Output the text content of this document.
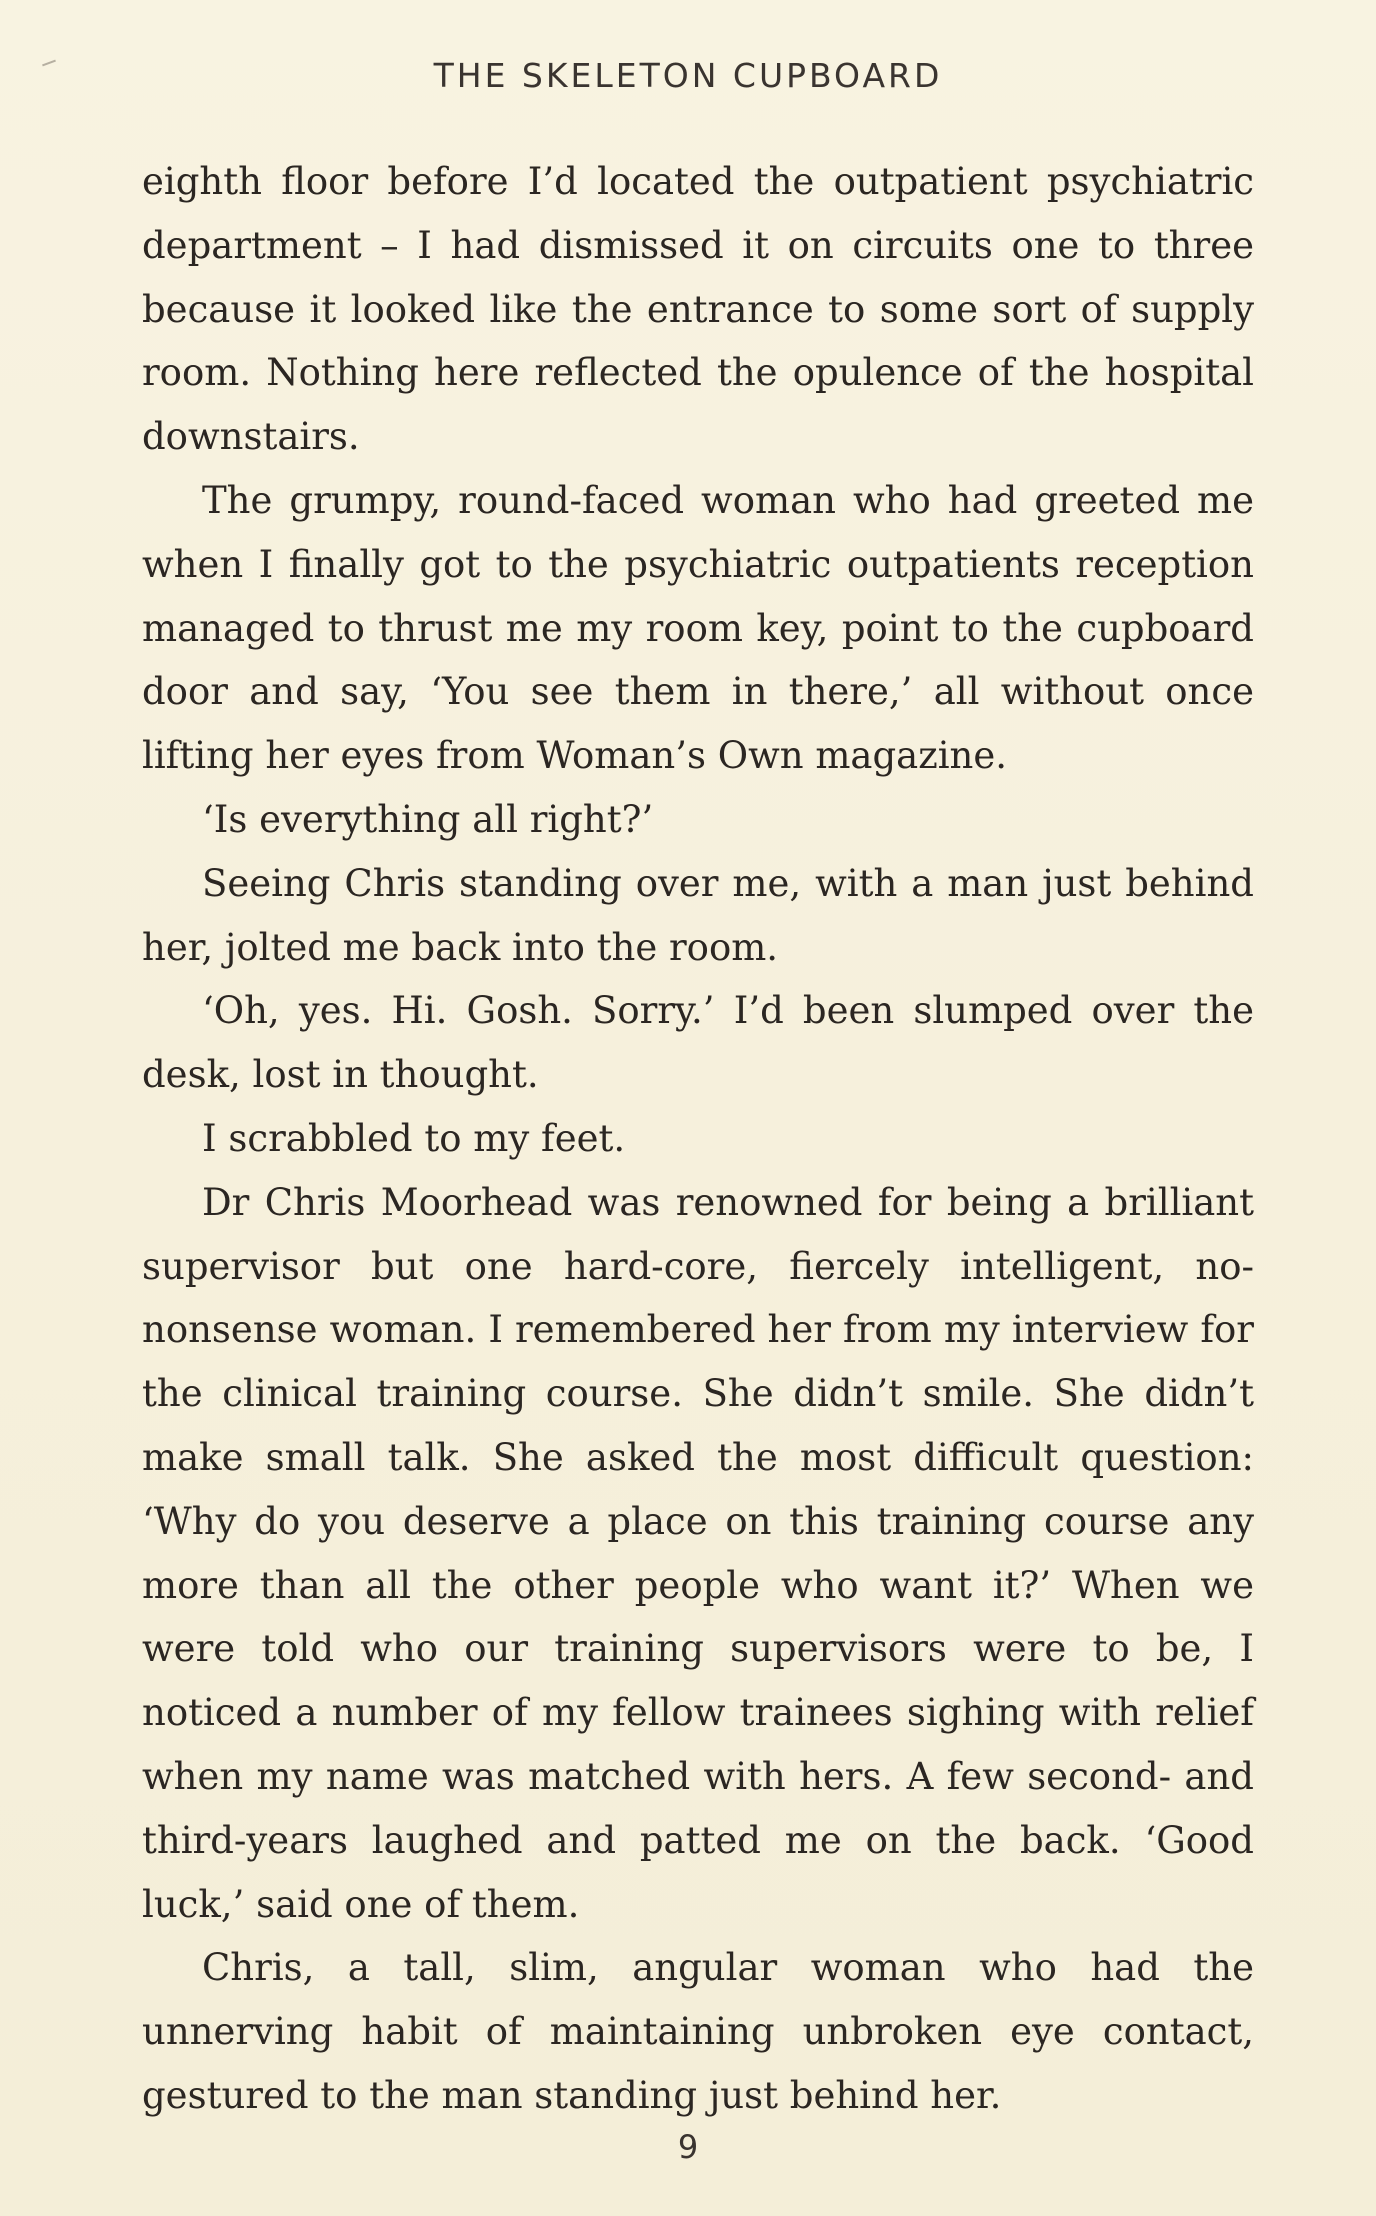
THE SKELETON CUPBOARD

eighth floor before I’d located the outpatient psychiatric department – I had dismissed it on circuits one to three because it looked like the entrance to some sort of supply room. Nothing here reflected the opulence of the hospital downstairs.

The grumpy, round-faced woman who had greeted me when I finally got to the psychiatric outpatients reception managed to thrust me my room key, point to the cupboard door and say, ‘You see them in there,’ all without once lifting her eyes from Woman’s Own magazine.

‘Is everything all right?’

Seeing Chris standing over me, with a man just behind her, jolted me back into the room.

‘Oh, yes. Hi. Gosh. Sorry.’ I’d been slumped over the desk, lost in thought.

I scrabbled to my feet.

Dr Chris Moorhead was renowned for being a brilliant supervisor but one hard-core, fiercely intelligent, no-nonsense woman. I remembered her from my interview for the clinical training course. She didn’t smile. She didn’t make small talk. She asked the most difficult question: ‘Why do you deserve a place on this training course any more than all the other people who want it?’ When we were told who our training supervisors were to be, I noticed a number of my fellow trainees sighing with relief when my name was matched with hers. A few second- and third-years laughed and patted me on the back. ‘Good luck,’ said one of them.

Chris, a tall, slim, angular woman who had the unnerving habit of maintaining unbroken eye contact, gestured to the man standing just behind her.

9
